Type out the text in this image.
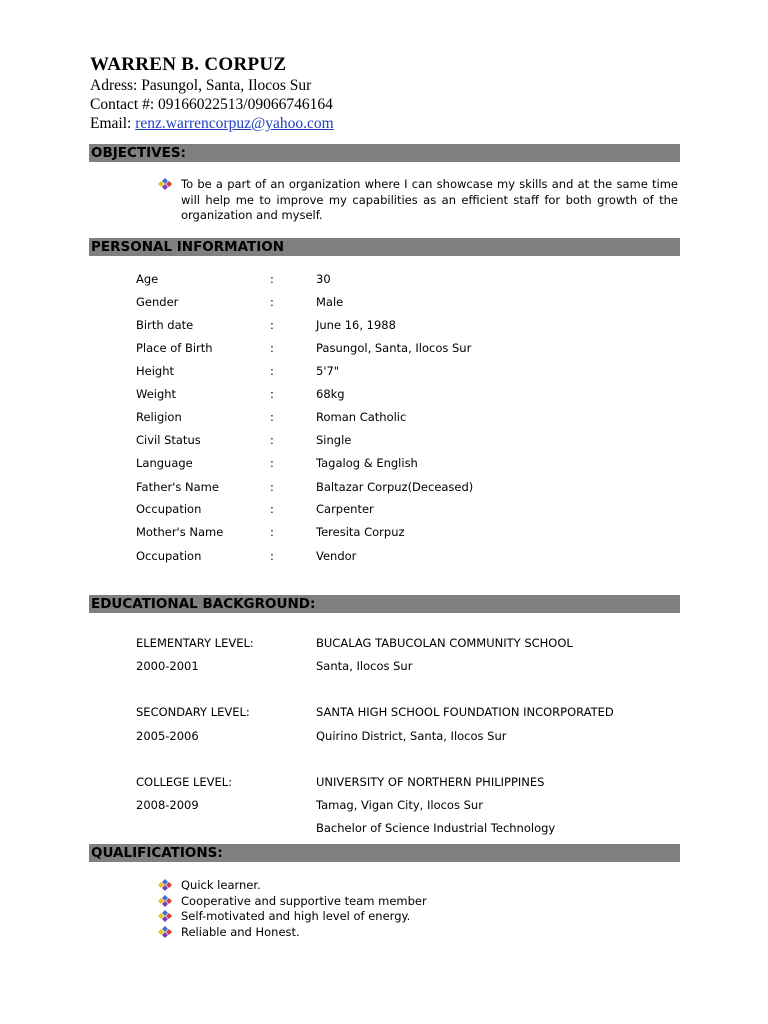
WARREN B. CORPUZ
Adress: Pasungol, Santa, Ilocos Sur
Contact #: 09166022513/09066746164
Email: renz.warrencorpuz@yahoo.com
OBJECTIVES:
To be a part of an organization where I can showcase my skills and at the same time will help me to improve my capabilities as an efficient staff for both growth of the organization and myself.
PERSONAL INFORMATION
Age	:	30
Gender	:	Male
Birth date	:	June 16, 1988
Place of Birth	:	Pasungol, Santa, Ilocos Sur
Height	:	5'7"
Weight	:	68kg
Religion	:	Roman Catholic
Civil Status	:	Single
Language	:	Tagalog & English
Father's Name	:	Baltazar Corpuz(Deceased)
Occupation	:	Carpenter
Mother's Name	:	Teresita Corpuz
Occupation	:	Vendor
EDUCATIONAL BACKGROUND:
ELEMENTARY LEVEL:	BUCALAG TABUCOLAN COMMUNITY SCHOOL
2000-2001	Santa, Ilocos Sur
SECONDARY LEVEL:	SANTA HIGH SCHOOL FOUNDATION INCORPORATED
2005-2006	Quirino District, Santa, Ilocos Sur
COLLEGE LEVEL:	UNIVERSITY OF NORTHERN PHILIPPINES
2008-2009	Tamag, Vigan City, Ilocos Sur
Bachelor of Science Industrial Technology
QUALIFICATIONS:
Quick learner.
Cooperative and supportive team member
Self-motivated and high level of energy.
Reliable and Honest.
